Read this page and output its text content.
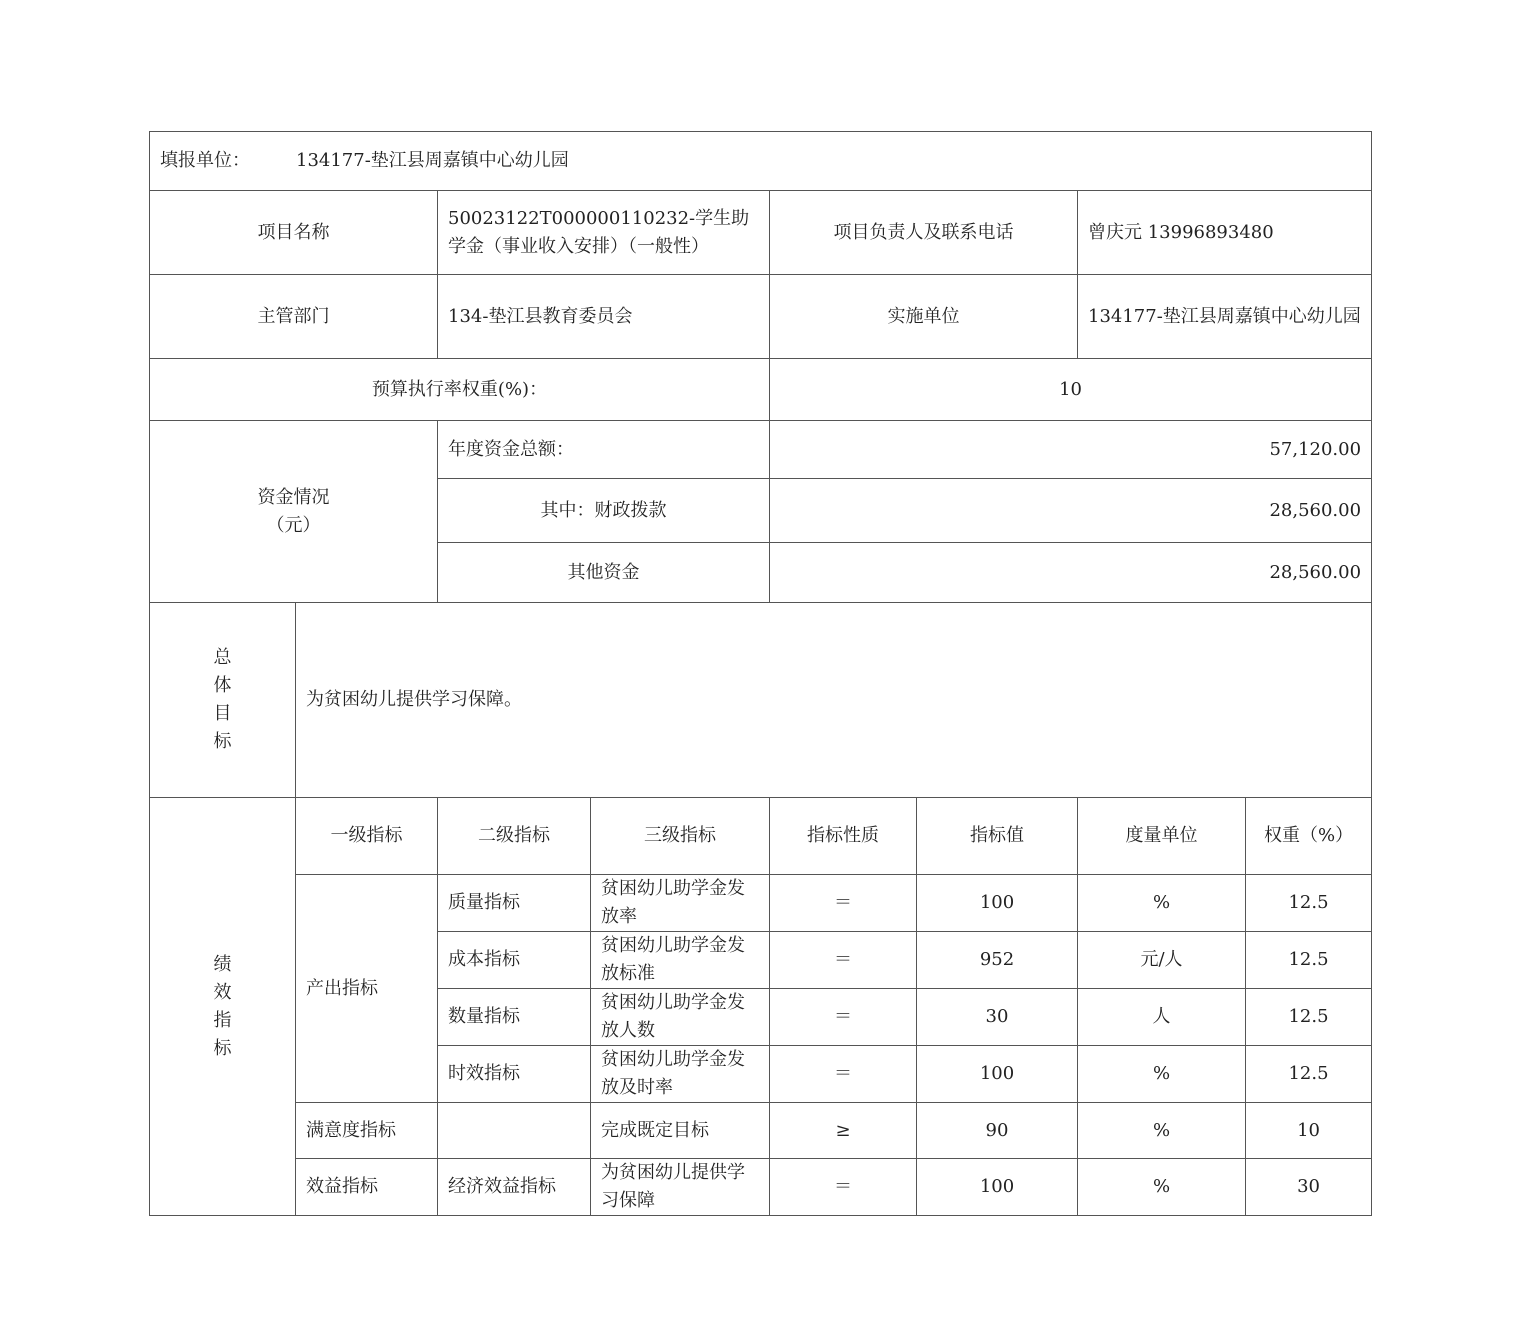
填报单位： 134177-垫江县周嘉镇中心幼儿园							
项目名称		50023122T000000110232-学生助学金（事业收入安排）（一般性）		项目负责人及联系电话		曾庆元 13996893480	
主管部门		134-垫江县教育委员会		实施单位		134177-垫江县周嘉镇中心幼儿园	
预算执行率权重(%)：				10			

资金情况
（元）		年度资金总额：		57,120.00			
		其中：财政拨款		28,560.00			
		其他资金		28,560.00			

总
体
目
标	为贫困幼儿提供学习保障。						

绩
效
指
标	一级指标	二级指标	三级指标	指标性质	指标值	度量单位	权重（%）
	产出指标	质量指标	贫困幼儿助学金发放率	＝	100	%	12.5
		成本指标	贫困幼儿助学金发放标准	＝	952	元/人	12.5
		数量指标	贫困幼儿助学金发放人数	＝	30	人	12.5
		时效指标	贫困幼儿助学金发放及时率	＝	100	%	12.5
	满意度指标		完成既定目标	≥	90	%	10
	效益指标	经济效益指标	为贫困幼儿提供学习保障	＝	100	%	30
